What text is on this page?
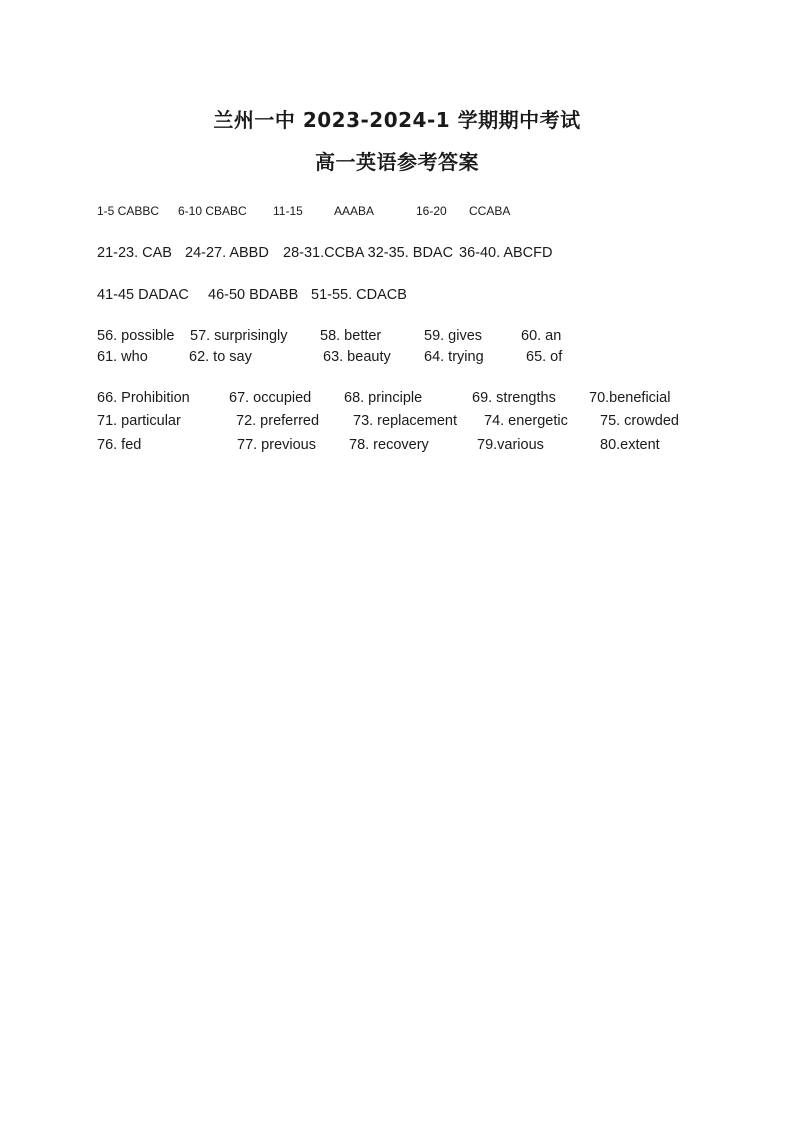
兰州一中 2023-2024-1 学期期中考试
高一英语参考答案
1-5 CABBC 6-10 CBABC 11-15	AAABA	16-20 CCABA
21-23. CAB 24-27. ABBD 28-31.CCBA 32-35. BDAC 36-40. ABCFD
41-45 DADAC 46-50 BDABB 51-55. CDACB
56. possible 57. surprisingly 58. better	59. gives	60. an
61. who	62. to say	63. beauty 64. trying	65. of
66. Prohibition	67. occupied 68. principle	69. strengths 70.beneficial
71. particular	72. preferred 73. replacement 74. energetic 75. crowded
76. fed	77. previous 78. recovery	79.various	80.extent
